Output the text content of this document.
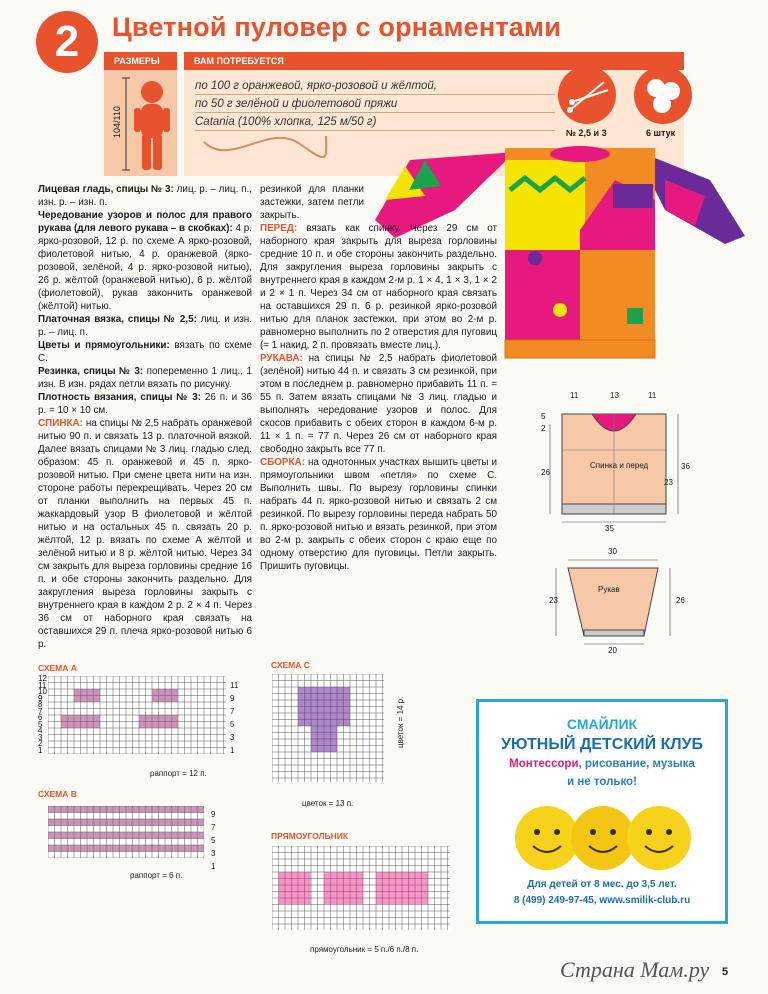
2	Цветной пуловер с орнаментами
РАЗМЕРЫ	ВАМ ПОТРЕБУЕТСЯ
104/110
по 100 г оранжевой, ярко-розовой и жёлтой,
по 50 г зелёной и фиолетовой пряжи
Catania (100% хлопка, 125 м/50 г)
№ 2,5 и 3	6 штук

Лицевая гладь, спицы № 3: лиц. р. – лиц. п., изн. р. – изн. п.

Чередование узоров и полос для правого рукава (для левого рукава – в скобках): 4 р. ярко-розовой, 12 р. по схеме А ярко-розовой, фиолетовой нитью, 4 р. оранжевой (ярко-розовой, зелёной, 4 р. ярко-розовой нитью), 26 р. жёлтой (оранжевой нитью), 6 р. жёлтой (фиолетовой), рукав закончить оранжевой (жёлтой) нитью.

Платочная вязка, спицы № 2,5: лиц. и изн. р. – лиц. п.

Цветы и прямоугольники: вязать по схеме С.

Резинка, спицы № 3: попеременно 1 лиц., 1 изн. В изн. рядах петли вязать по рисунку.

Плотность вязания, спицы № 3: 26 п. и 36 р. = 10 × 10 см.

СПИНКА: на спицы № 2,5 набрать оранжевой нитью 90 п. и связать 13 р. платочной вязкой. Далее вязать спицами № 3 лиц. гладью след. образом: 45 п. оранжевой и 45 п. ярко-розовой нитью. При смене цвета нити на изн. стороне работы перекрещивать. Через 20 см от планки выполнить на первых 45 п. жаккардовый узор В фиолетовой и жёлтой нитью и на остальных 45 п. связать 20 р. жёлтой, 12 р. вязать по схеме А жёлтой и зелёной нитью и 8 р. жёлтой нитью. Через 34 см закрыть для выреза горловины средние 16 п. и обе стороны закончить раздельно. Для закругления выреза горловины закрыть с внутреннего края в каждом 2 р. 2 × 4 п. Через 36 см от наборного края связать на оставшихся 29 п. плеча ярко-розовой нитью 6 р.

резинкой для планки застежки, затем петли закрыть.

ПЕРЕД: вязать как спинку. Через 29 см от наборного края закрыть для выреза горловины средние 10 п. и обе стороны закончить раздельно. Для закругления выреза горловины закрыть с внутреннего края в каждом 2-м р. 1 × 4, 1 × 3, 1 × 2 и 2 × 1 п. Через 34 см от наборного края связать на оставшихся 29 п. 6 р. резинкой ярко-розовой нитью для планок застежки, при этом во 2-м р. равномерно выполнить по 2 отверстия для пуговиц (= 1 накид, 2 п. провязать вместе лиц.).

РУКАВА: на спицы № 2,5 набрать фиолетовой (зелёной) нитью 44 п. и связать 3 см резинкой, при этом в последнем р. равномерно прибавить 11 п. = 55 п. Затем вязать спицами № 3 лиц. гладью и выполнять чередование узоров и полос. Для скосов прибавить с обеих сторон в каждом 6-м р. 11 × 1 п. = 77 п. Через 26 см от наборного края свободно закрыть все 77 п.

СБОРКА: на однотонных участках вышить цветы и прямоугольники швом «петля» по схеме С. Выполнить швы. По вырезу горловины спинки набрать 44 п. ярко-розовой нитью и связать 2 см резинкой. По вырезу горловины переда набрать 50 п. ярко-розовой нитью и вязать резинкой, при этом во 2-м р. закрыть с обеих сторон с краю еще по одному отверстию для пуговицы. Петли закрыть. Пришить пуговицы.

11	13	11
5
2
26
23
36
35
Спинка и перед
Рукав
30
23	26
20
СХЕМА А
раппорт = 12 п.
СХЕМА В
раппорт = 6 п.
СХЕМА С
цветок = 13 п.
цветок = 14 р.
ПРЯМОУГОЛЬНИК
прямоугольник = 5 п./6 п./8 п.
СМАЙЛИК
УЮТНЫЙ ДЕТСКИЙ КЛУБ
Монтессори, рисование, музыка
и не только!
Для детей от 8 мес. до 3,5 лет.
8 (499) 249-97-45, www.smilik-club.ru
Страна Мам.ру 5
12
11
10
9
8
7
6
5
4
3
2
1
11
9
7
5
3
1
9
7
5
3
1
